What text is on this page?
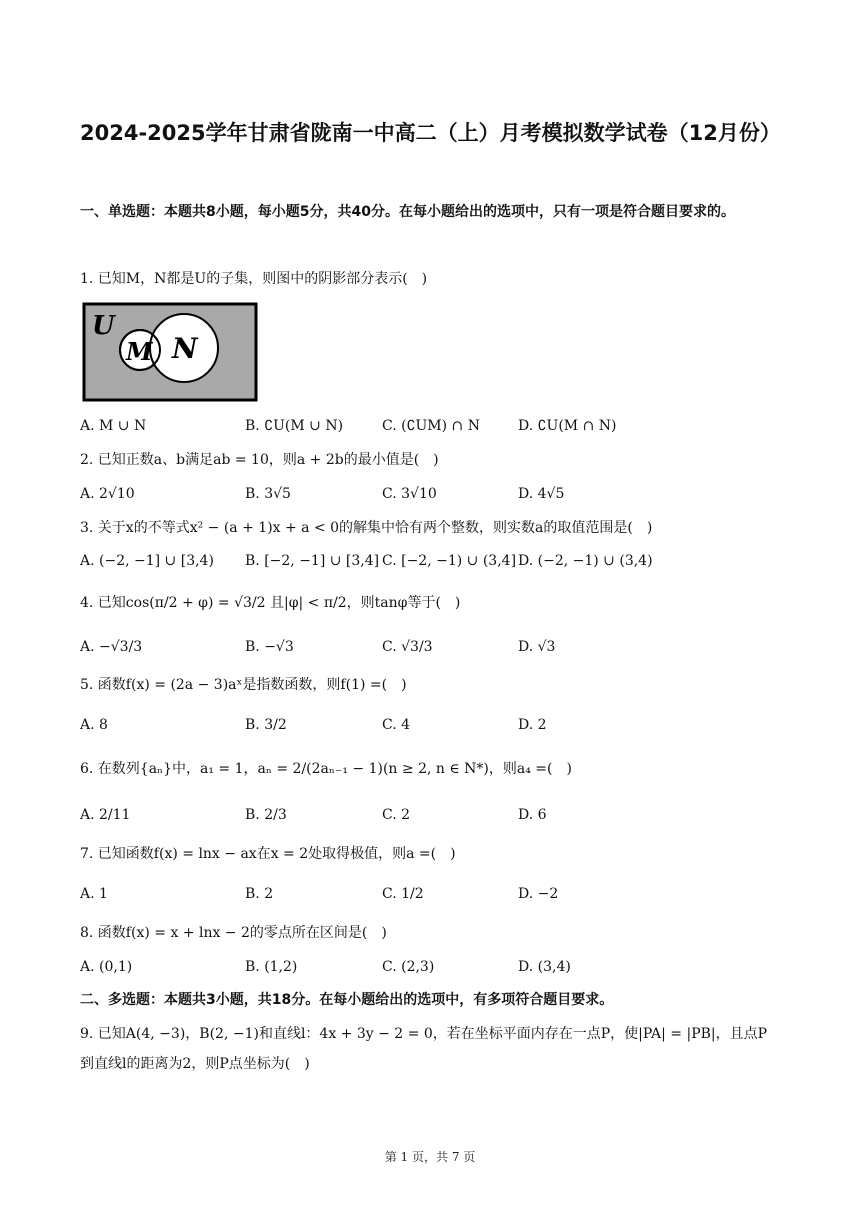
2024-2025学年甘肃省陇南一中高二（上）月考模拟数学试卷（12月份）
一、单选题：本题共8小题，每小题5分，共40分。在每小题给出的选项中，只有一项是符合题目要求的。
1. 已知M，N都是U的子集，则图中的阴影部分表示(　)
U
M N
A. M ∪ N	B. ∁U(M ∪ N)	C. (∁UM) ∩ N	D. ∁U(M ∩ N)
2. 已知正数a、b满足ab = 10，则a + 2b的最小值是(　)
A. 2√10	B. 3√5	C. 3√10	D. 4√5
3. 关于x的不等式x² − (a + 1)x + a < 0的解集中恰有两个整数，则实数a的取值范围是(　)
A. (−2, −1] ∪ [3,4) B. [−2, −1] ∪ [3,4] C. [−2, −1) ∪ (3,4] D. (−2, −1) ∪ (3,4)
4. 已知cos(π/2 + φ) = √3/2 且|φ| < π/2，则tanφ等于(　)
A. −√3/3	B. −√3	C. √3/3	D. √3
5. 函数f(x) = (2a − 3)aˣ是指数函数，则f(1) =(　)
A. 8	B. 3/2	C. 4	D. 2
6. 在数列{aₙ}中，a₁ = 1，aₙ = 2/(2aₙ₋₁ − 1)(n ≥ 2, n ∈ N*)，则a₄ =(　)
A. 2/11	B. 2/3	C. 2	D. 6
7. 已知函数f(x) = lnx − ax在x = 2处取得极值，则a =(　)
A. 1	B. 2	C. 1/2	D. −2
8. 函数f(x) = x + lnx − 2的零点所在区间是(　)
A. (0,1)	B. (1,2)	C. (2,3)	D. (3,4)
二、多选题：本题共3小题，共18分。在每小题给出的选项中，有多项符合题目要求。
9. 已知A(4, −3)，B(2, −1)和直线l：4x + 3y − 2 = 0，若在坐标平面内存在一点P，使|PA| = |PB|，且点P到直线l的距离为2，则P点坐标为(　)
第 1 页，共 7 页
